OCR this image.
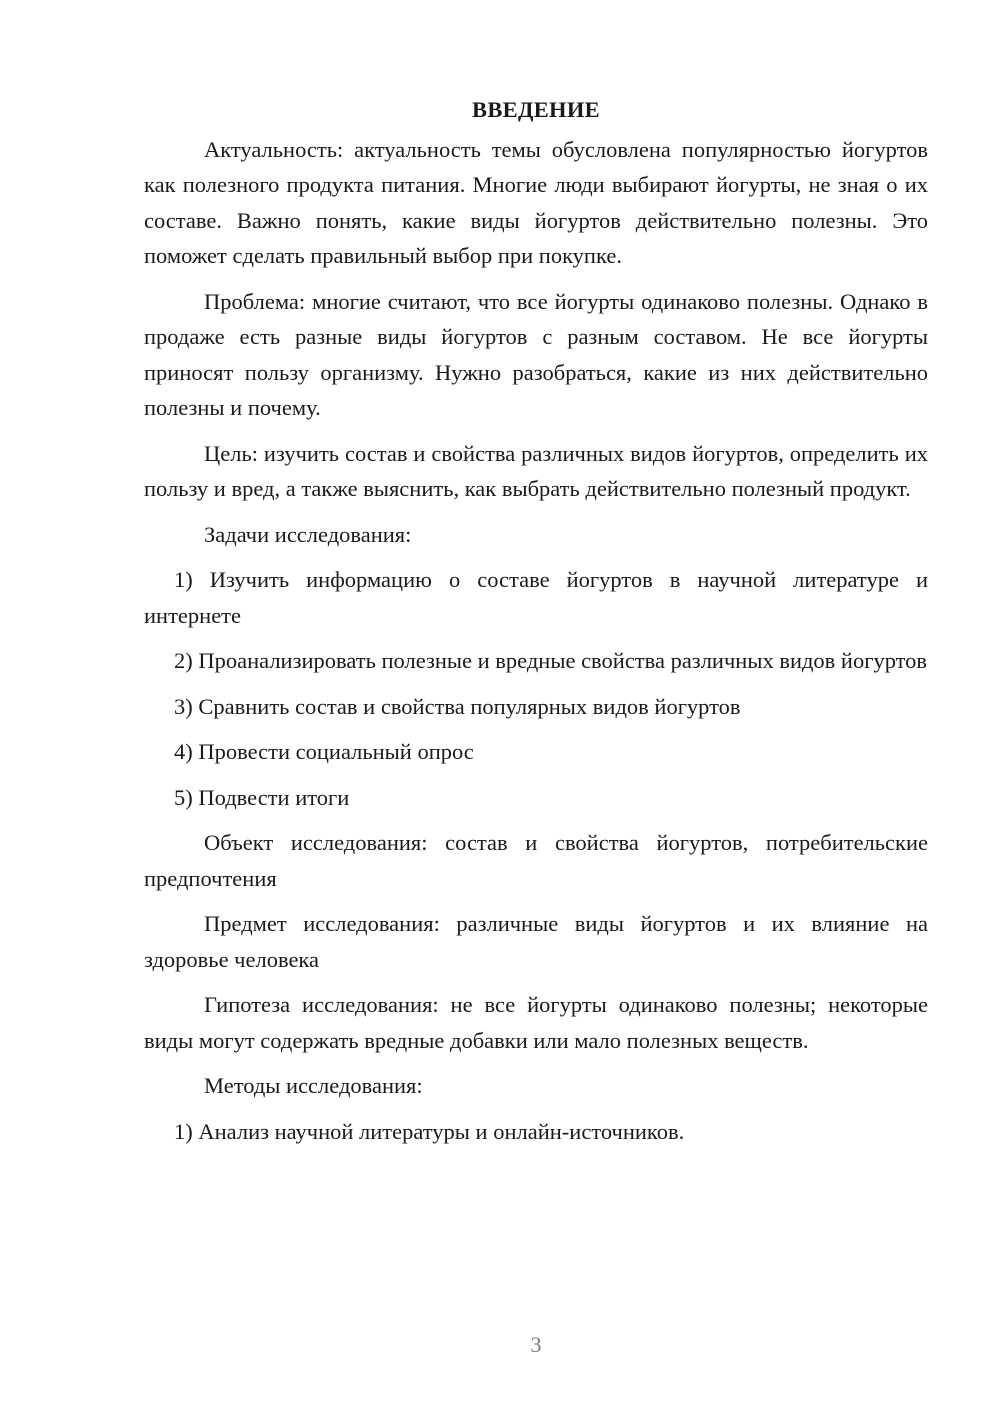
ВВЕДЕНИЕ

Актуальность: актуальность темы обусловлена популярностью йогуртов как полезного продукта питания. Многие люди выбирают йогурты, не зная о их составе. Важно понять, какие виды йогуртов действительно полезны. Это поможет сделать правильный выбор при покупке.

Проблема: многие считают, что все йогурты одинаково полезны. Однако в продаже есть разные виды йогуртов с разным составом. Не все йогурты приносят пользу организму. Нужно разобраться, какие из них действительно полезны и почему.

Цель: изучить состав и свойства различных видов йогуртов, определить их пользу и вред, а также выяснить, как выбрать действительно полезный продукт.

Задачи исследования:

1) Изучить информацию о составе йогуртов в научной литературе и интернете

2) Проанализировать полезные и вредные свойства различных видов йогуртов

3) Сравнить состав и свойства популярных видов йогуртов

4) Провести социальный опрос

5) Подвести итоги

Объект исследования: состав и свойства йогуртов, потребительские предпочтения

Предмет исследования: различные виды йогуртов и их влияние на здоровье человека

Гипотеза исследования: не все йогурты одинаково полезны; некоторые виды могут содержать вредные добавки или мало полезных веществ.

Методы исследования:

1) Анализ научной литературы и онлайн-источников.

3
